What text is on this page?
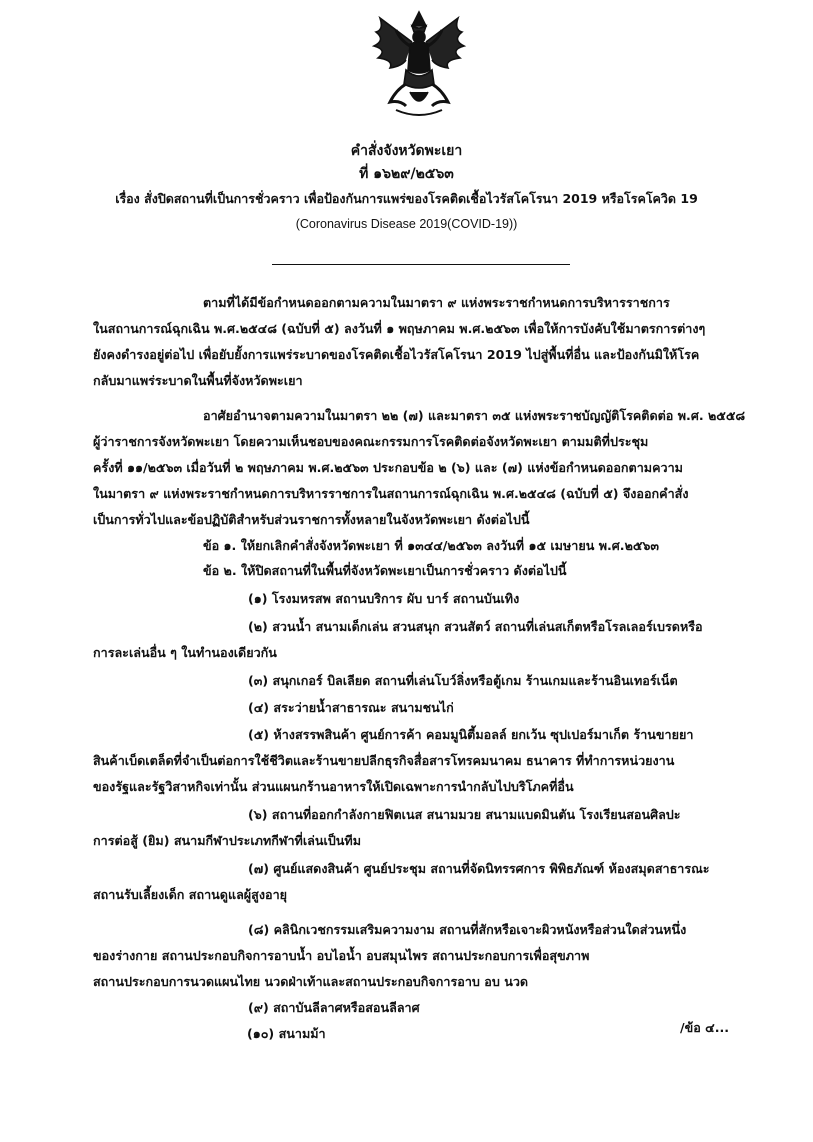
คำสั่งจังหวัดพะเยา
ที่ ๑๖๒๙/๒๕๖๓
เรื่อง สั่งปิดสถานที่เป็นการชั่วคราว เพื่อป้องกันการแพร่ของโรคติดเชื้อไวรัสโคโรนา 2019 หรือโรคโควิด 19
(Coronavirus Disease 2019(COVID-19))
ตามที่ได้มีข้อกำหนดออกตามความในมาตรา ๙ แห่งพระราชกำหนดการบริหารราชการ
ในสถานการณ์ฉุกเฉิน พ.ศ.๒๕๔๘ (ฉบับที่ ๕) ลงวันที่ ๑ พฤษภาคม พ.ศ.๒๕๖๓ เพื่อให้การบังคับใช้มาตรการต่างๆ
ยังคงดำรงอยู่ต่อไป เพื่อยับยั้งการแพร่ระบาดของโรคติดเชื้อไวรัสโคโรนา 2019 ไปสู่พื้นที่อื่น และป้องกันมิให้โรค
กลับมาแพร่ระบาดในพื้นที่จังหวัดพะเยา
อาศัยอำนาจตามความในมาตรา ๒๒ (๗) และมาตรา ๓๕ แห่งพระราชบัญญัติโรคติดต่อ พ.ศ. ๒๕๕๘
ผู้ว่าราชการจังหวัดพะเยา โดยความเห็นชอบของคณะกรรมการโรคติดต่อจังหวัดพะเยา ตามมติที่ประชุม
ครั้งที่ ๑๑/๒๕๖๓ เมื่อวันที่ ๒ พฤษภาคม พ.ศ.๒๕๖๓ ประกอบข้อ ๒ (๖) และ (๗) แห่งข้อกำหนดออกตามความ
ในมาตรา ๙ แห่งพระราชกำหนดการบริหารราชการในสถานการณ์ฉุกเฉิน พ.ศ.๒๕๔๘ (ฉบับที่ ๕) จึงออกคำสั่ง
เป็นการทั่วไปและข้อปฏิบัติสำหรับส่วนราชการทั้งหลายในจังหวัดพะเยา ดังต่อไปนี้
ข้อ ๑. ให้ยกเลิกคำสั่งจังหวัดพะเยา ที่ ๑๓๔๔/๒๕๖๓ ลงวันที่ ๑๕ เมษายน พ.ศ.๒๕๖๓
ข้อ ๒. ให้ปิดสถานที่ในพื้นที่จังหวัดพะเยาเป็นการชั่วคราว ดังต่อไปนี้
(๑) โรงมหรสพ สถานบริการ ผับ บาร์ สถานบันเทิง
(๒) สวนน้ำ สนามเด็กเล่น สวนสนุก สวนสัตว์ สถานที่เล่นสเก็ตหรือโรลเลอร์เบรดหรือ
การละเล่นอื่น ๆ ในทำนองเดียวกัน
(๓) สนุกเกอร์ บิลเลียด สถานที่เล่นโบว์ลิ่งหรือตู้เกม ร้านเกมและร้านอินเทอร์เน็ต
(๔) สระว่ายน้ำสาธารณะ สนามชนไก่
(๕) ห้างสรรพสินค้า ศูนย์การค้า คอมมูนิตี้มอลล์ ยกเว้น ซุปเปอร์มาเก็ต ร้านขายยา
สินค้าเบ็ดเตล็ดที่จำเป็นต่อการใช้ชีวิตและร้านขายปลีกธุรกิจสื่อสารโทรคมนาคม ธนาคาร ที่ทำการหน่วยงาน
ของรัฐและรัฐวิสาหกิจเท่านั้น ส่วนแผนกร้านอาหารให้เปิดเฉพาะการนำกลับไปบริโภคที่อื่น
(๖) สถานที่ออกกำลังกายฟิตเนส สนามมวย สนามแบดมินตัน โรงเรียนสอนศิลปะ
การต่อสู้ (ยิม) สนามกีฬาประเภทกีฬาที่เล่นเป็นทีม
(๗) ศูนย์แสดงสินค้า ศูนย์ประชุม สถานที่จัดนิทรรศการ พิพิธภัณฑ์ ห้องสมุดสาธารณะ
สถานรับเลี้ยงเด็ก สถานดูแลผู้สูงอายุ
(๘) คลินิกเวชกรรมเสริมความงาม สถานที่สักหรือเจาะผิวหนังหรือส่วนใดส่วนหนึ่ง
ของร่างกาย สถานประกอบกิจการอาบน้ำ อบไอน้ำ อบสมุนไพร สถานประกอบการเพื่อสุขภาพ
สถานประกอบการนวดแผนไทย นวดฝ่าเท้าและสถานประกอบกิจการอาบ อบ นวด
(๙) สถาบันลีลาศหรือสอนลีลาศ
(๑๐) สนามม้า	/ข้อ ๔...
